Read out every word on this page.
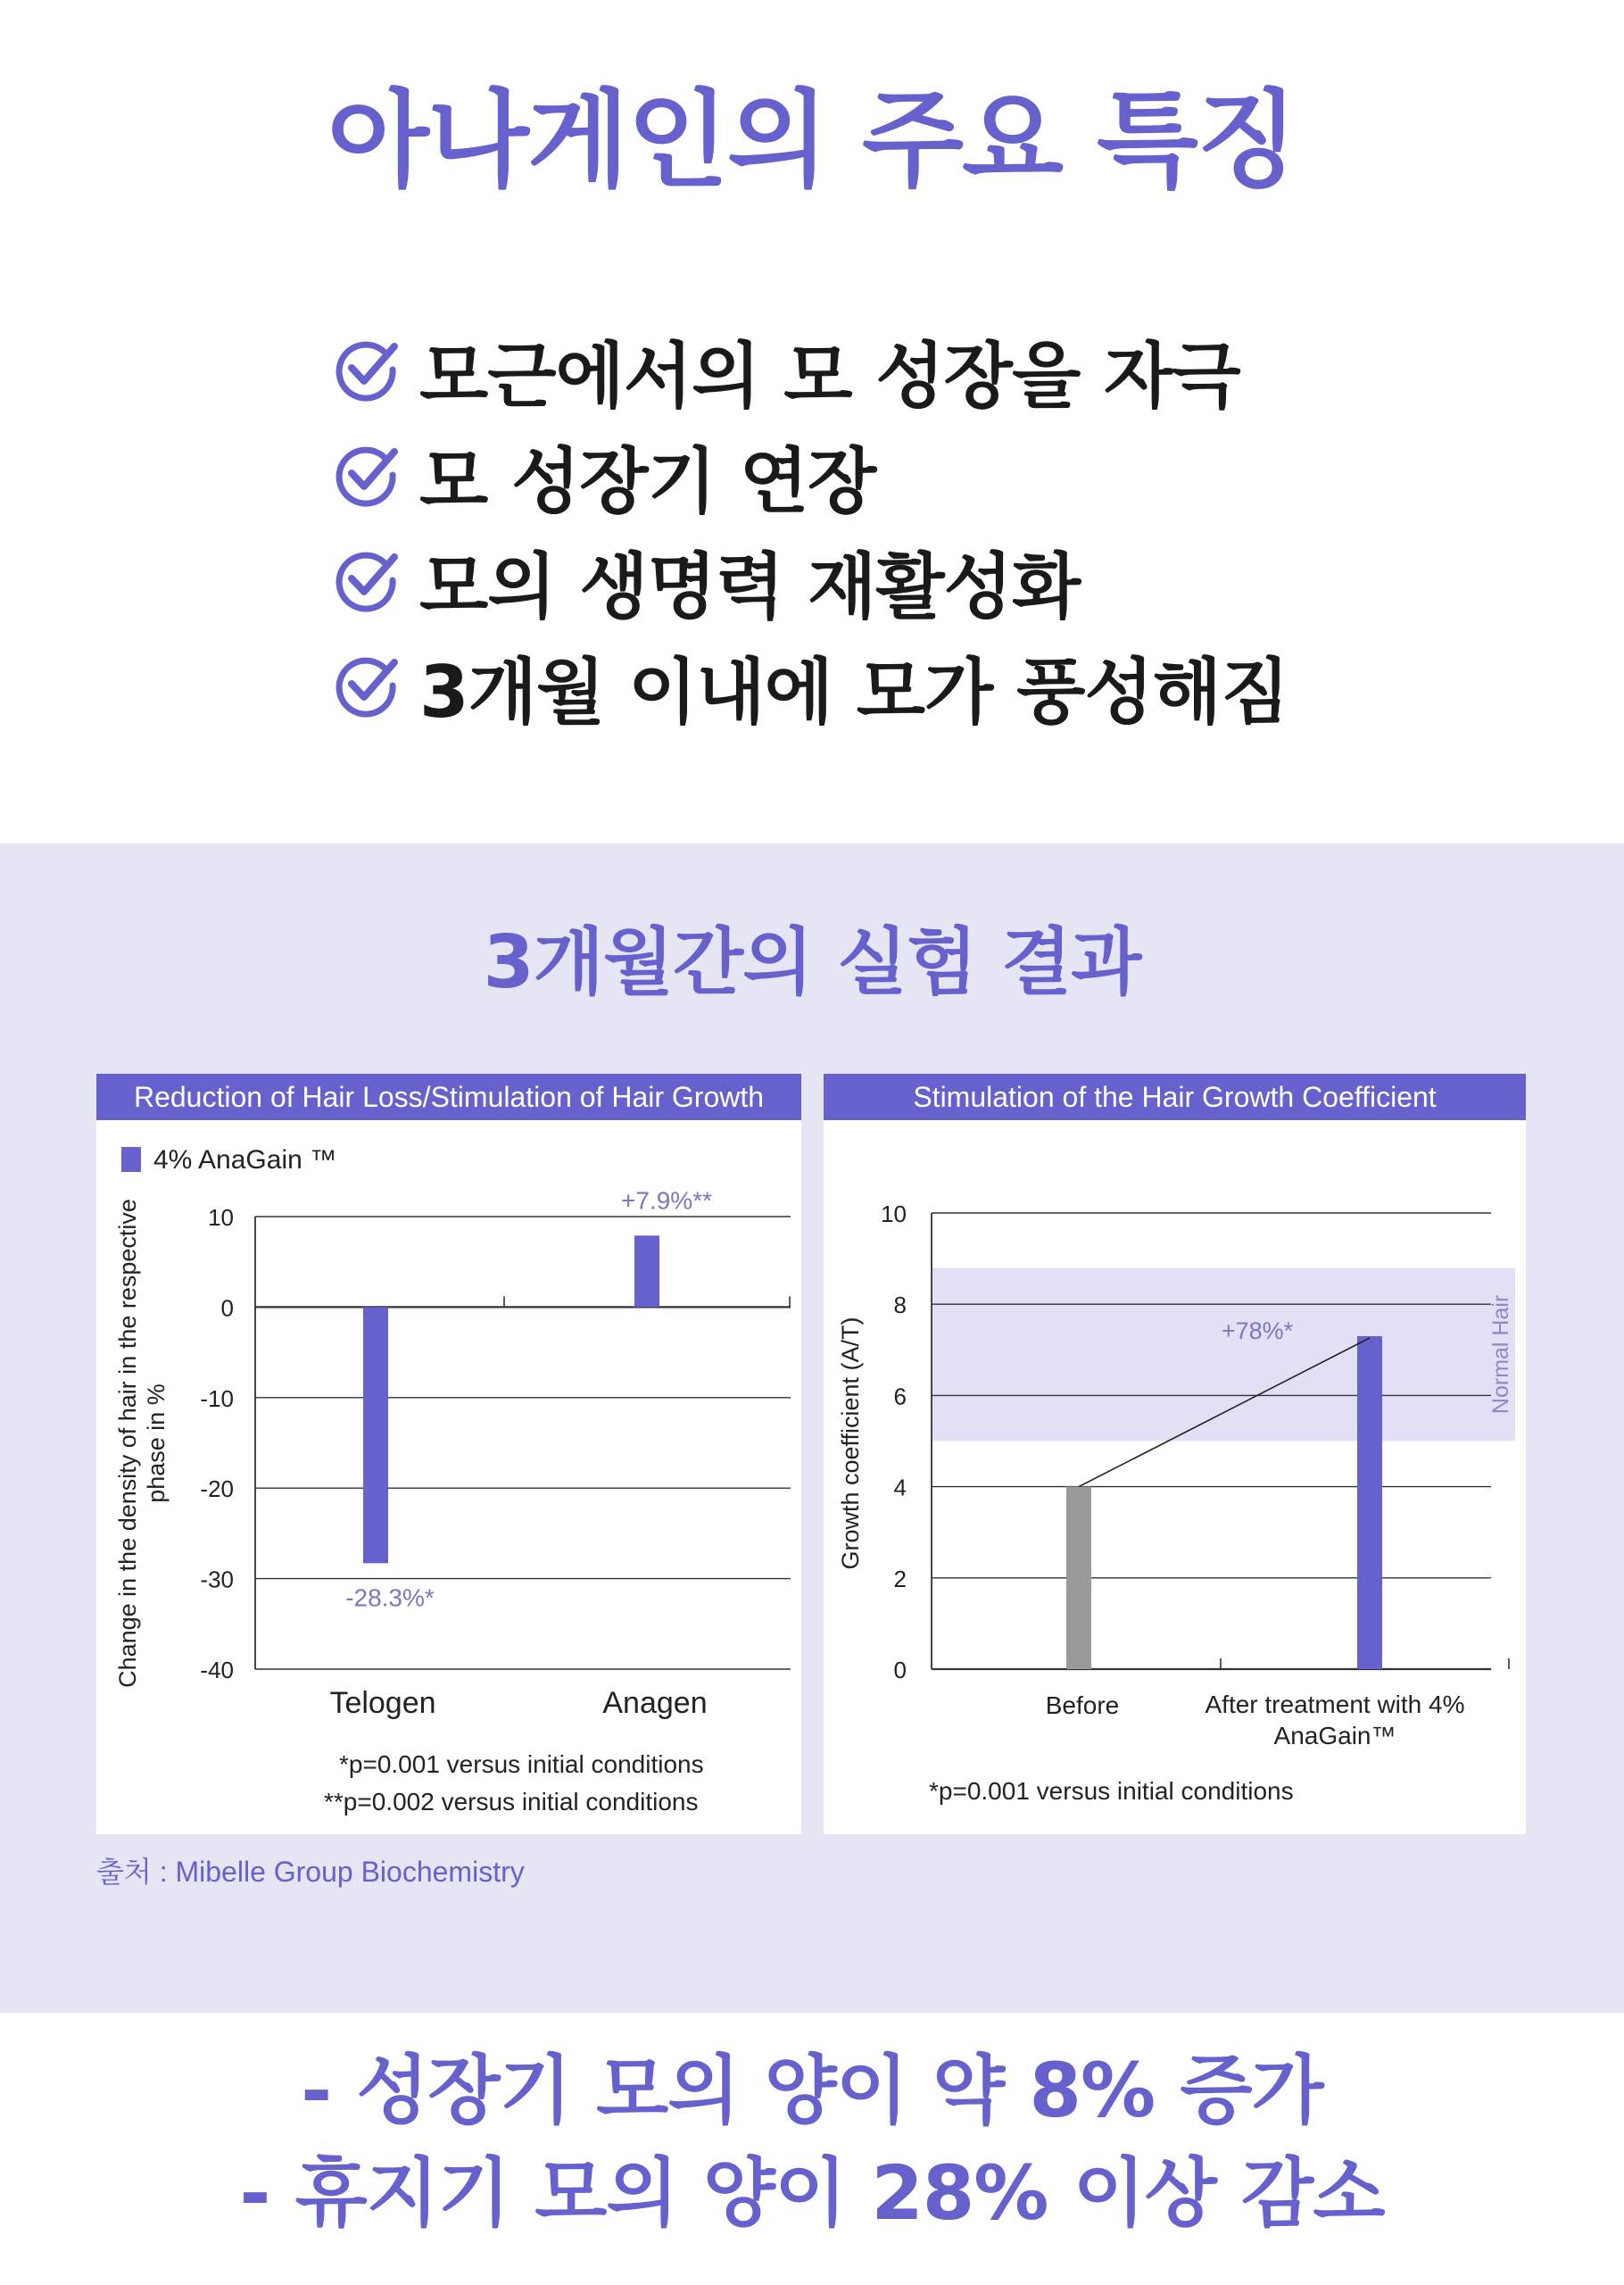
아나게인의 주요 특징
모근에서의 모 성장을 자극
모 성장기 연장
모의 생명력 재활성화
3개월 이내에 모가 풍성해짐
3개월간의 실험 결과
Reduction of Hair Loss/Stimulation of Hair Growth
4% AnaGain ™
10
0
-10
-20
-30
-40
-28.3%*
Telogen
+7.9%**
Anagen
Change in the density of hair in the respectivephase in %
*p=0.001 versus initial conditions
**p=0.002 versus initial conditions
Stimulation of the Hair Growth Coefficient
Normal Hair
10
8
6
4
2
0
+78%*
Before	After treatment with 4%
AnaGain™
Growth coefficient (A/T)
*p=0.001 versus initial conditions
출처 : Mibelle Group Biochemistry
- 성장기 모의 양이 약 8% 증가
- 휴지기 모의 양이 28% 이상 감소
